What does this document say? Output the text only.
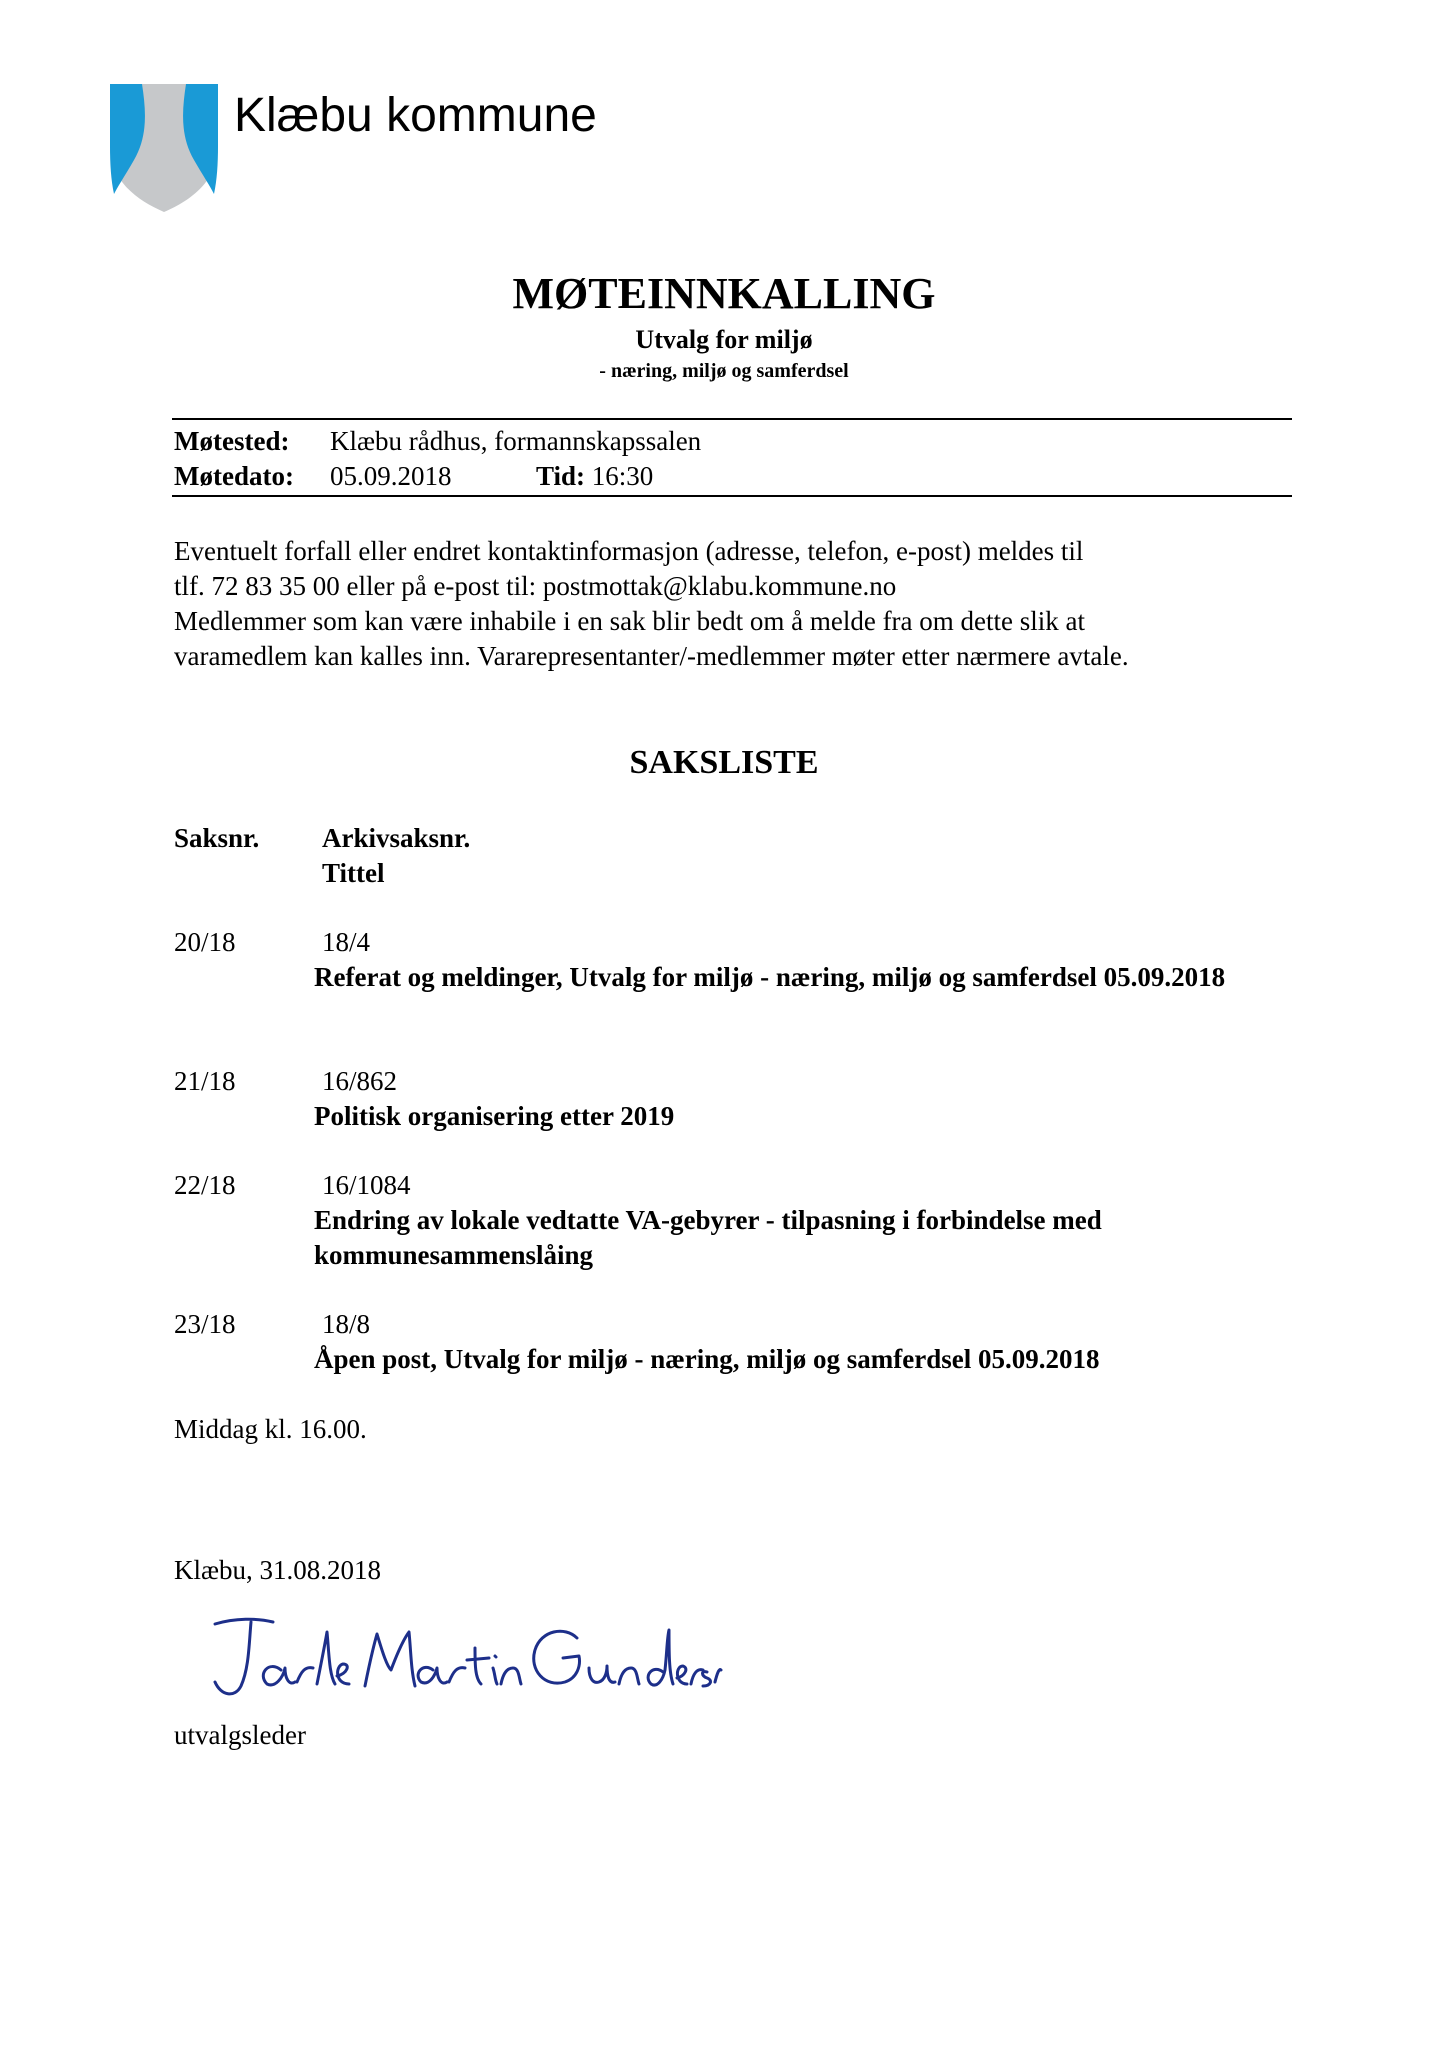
Klæbu kommune
MØTEINNKALLING
Utvalg for miljø
- næring, miljø og samferdsel
Møtested: Klæbu rådhus, formannskapssalen
Møtedato: 05.09.2018	Tid: 16:30

Eventuelt forfall eller endret kontaktinformasjon (adresse, telefon, e-post) meldes til

tlf. 72 83 35 00 eller på e-post til: postmottak@klabu.kommune.no

Medlemmer som kan være inhabile i en sak blir bedt om å melde fra om dette slik at

varamedlem kan kalles inn. Vararepresentanter/-medlemmer møter etter nærmere avtale.

SAKSLISTE
Saksnr. Arkivsaksnr.
Tittel
20/18	18/4
Referat og meldinger, Utvalg for miljø - næring, miljø og samferdsel 05.09.2018
21/18	16/862
Politisk organisering etter 2019
22/18	16/1084
Endring av lokale vedtatte VA-gebyrer - tilpasning i forbindelse med kommunesammenslåing
23/18	18/8
Åpen post, Utvalg for miljø - næring, miljø og samferdsel 05.09.2018
Middag kl. 16.00.
Klæbu, 31.08.2018
utvalgsleder
